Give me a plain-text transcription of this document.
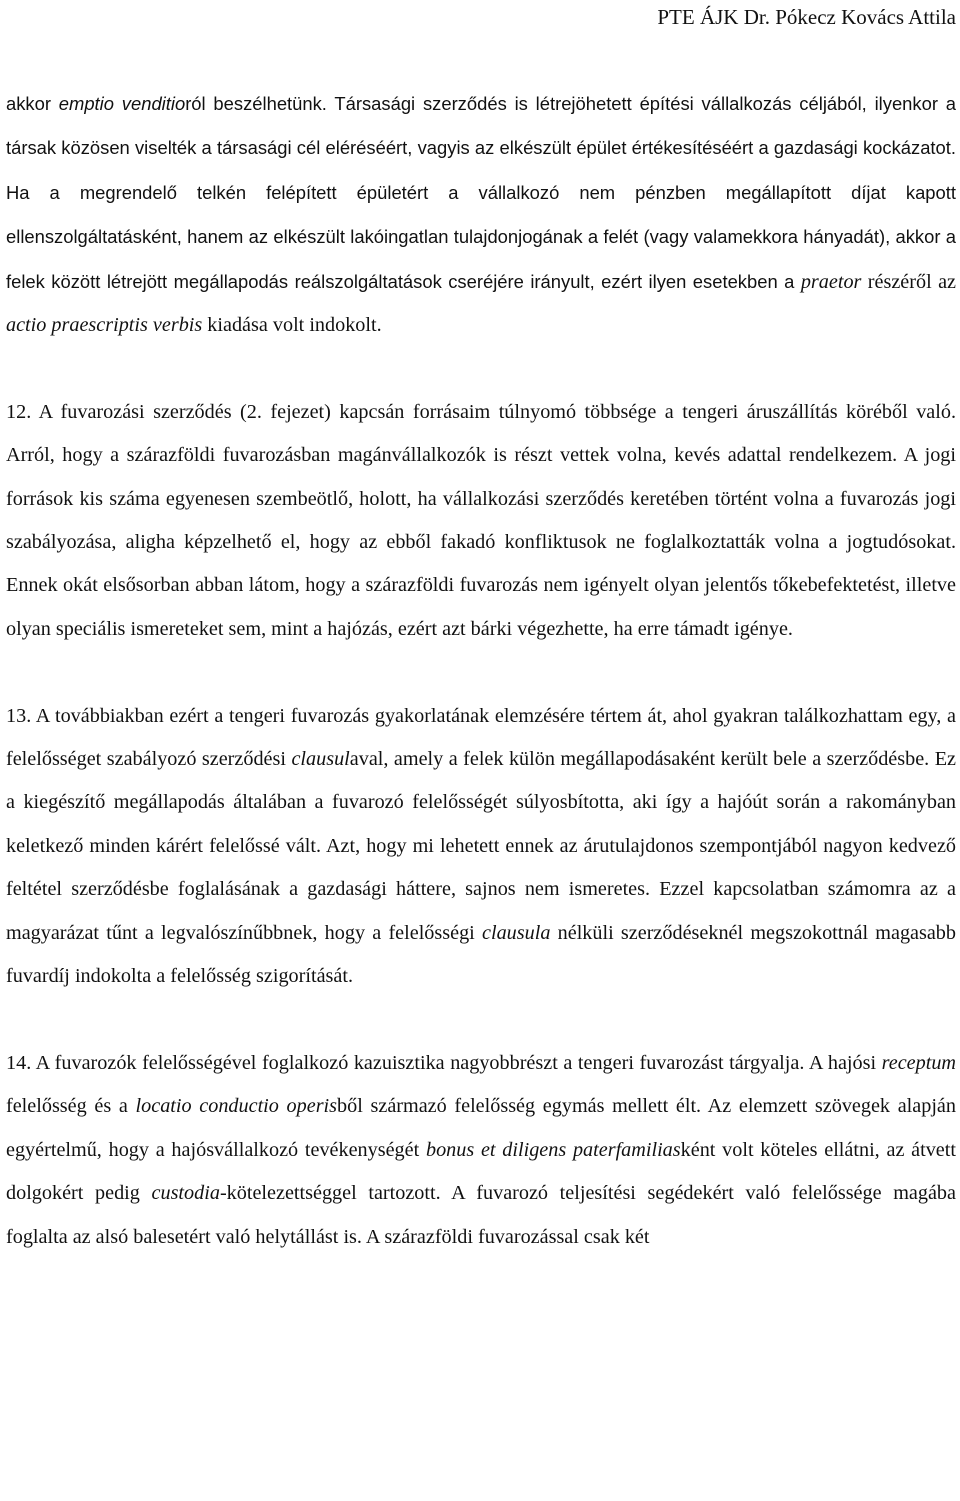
PTE ÁJK Dr. Pókecz Kovács Attila

akkor emptio venditioról beszélhetünk. Társasági szerződés is létrejöhetett építési vállalkozás céljából, ilyenkor a társak közösen viselték a társasági cél eléréséért, vagyis az elkészült épület értékesítéséért a gazdasági kockázatot. Ha a megrendelő telkén felépített épületért a vállalkozó nem pénzben megállapított díjat kapott ellenszolgáltatásként, hanem az elkészült lakóingatlan tulajdonjogának a felét (vagy valamekkora hányadát), akkor a felek között létrejött megállapodás reálszolgáltatások cseréjére irányult, ezért ilyen esetekben a praetor részéről az actio praescriptis verbis kiadása volt indokolt.

12. A fuvarozási szerződés (2. fejezet) kapcsán forrásaim túlnyomó többsége a tengeri áruszállítás köréből való. Arról, hogy a szárazföldi fuvarozásban magánvállalkozók is részt vettek volna, kevés adattal rendelkezem. A jogi források kis száma egyenesen szembeötlő, holott, ha vállalkozási szerződés keretében történt volna a fuvarozás jogi szabályozása, aligha képzelhető el, hogy az ebből fakadó konfliktusok ne foglalkoztatták volna a jogtudósokat. Ennek okát elsősorban abban látom, hogy a szárazföldi fuvarozás nem igényelt olyan jelentős tőkebefektetést, illetve olyan speciális ismereteket sem, mint a hajózás, ezért azt bárki végezhette, ha erre támadt igénye.

13. A továbbiakban ezért a tengeri fuvarozás gyakorlatának elemzésére tértem át, ahol gyakran találkozhattam egy, a felelősséget szabályozó szerződési clausulaval, amely a felek külön megállapodásaként került bele a szerződésbe. Ez a kiegészítő megállapodás általában a fuvarozó felelősségét súlyosbította, aki így a hajóút során a rakományban keletkező minden kárért felelőssé vált. Azt, hogy mi lehetett ennek az árutulajdonos szempontjából nagyon kedvező feltétel szerződésbe foglalásának a gazdasági háttere, sajnos nem ismeretes. Ezzel kapcsolatban számomra az a magyarázat tűnt a legvalószínűbbnek, hogy a felelősségi clausula nélküli szerződéseknél megszokottnál magasabb fuvardíj indokolta a felelősség szigorítását.

14. A fuvarozók felelősségével foglalkozó kazuisztika nagyobbrészt a tengeri fuvarozást tárgyalja. A hajósi receptum felelősség és a locatio conductio operisből származó felelősség egymás mellett élt. Az elemzett szövegek alapján egyértelmű, hogy a hajósvállalkozó tevékenységét bonus et diligens paterfamiliasként volt köteles ellátni, az átvett dolgokért pedig custodia-kötelezettséggel tartozott. A fuvarozó teljesítési segédekért való felelőssége magába foglalta az alsó balesetért való helytállást is. A szárazföldi fuvarozással csak két
